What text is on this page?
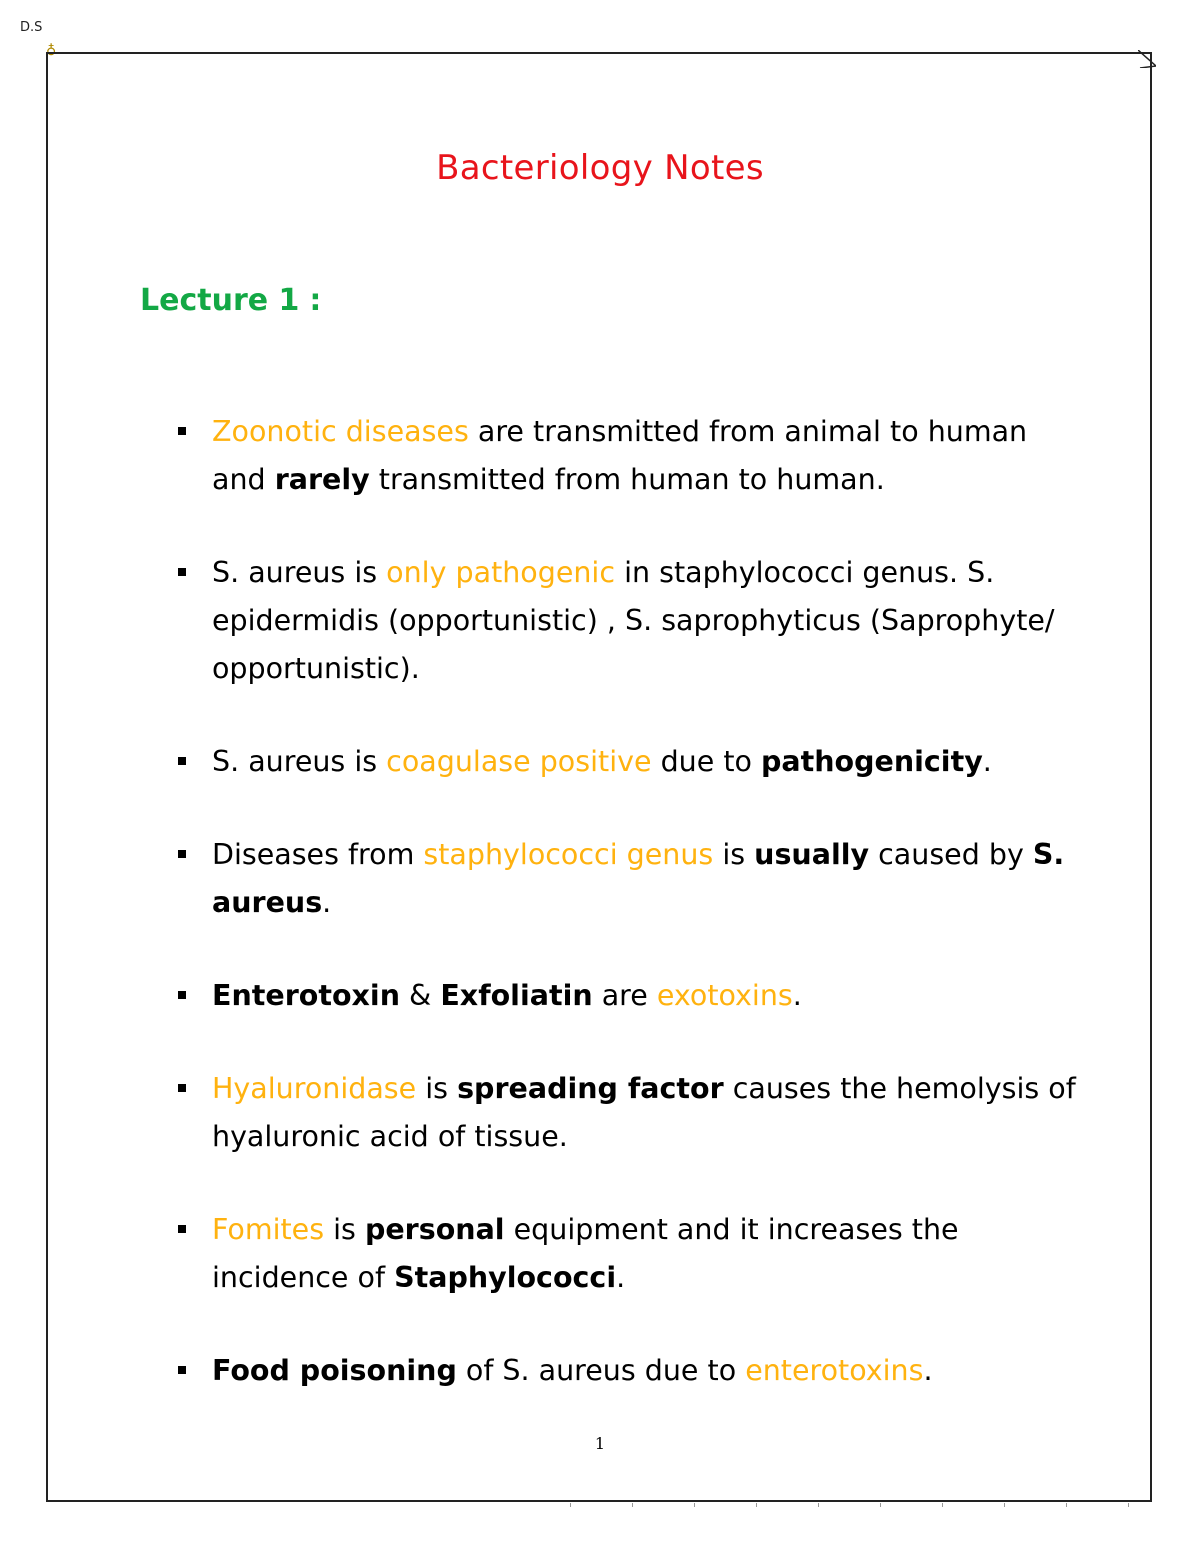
D.S
♁
Bacteriology Notes
Lecture 1 :
Zoonotic diseases are transmitted from animal to human and rarely transmitted from human to human.
S. aureus is only pathogenic in staphylococci genus. S. epidermidis (opportunistic) , S. saprophyticus (Saprophyte/ opportunistic).
S. aureus is coagulase positive due to pathogenicity.
Diseases from staphylococci genus is usually caused by S. aureus.
Enterotoxin & Exfoliatin are exotoxins.
Hyaluronidase is spreading factor causes the hemolysis of hyaluronic acid of tissue.
Fomites is personal equipment and it increases the incidence of Staphylococci.
Food poisoning of S. aureus due to enterotoxins.
1
